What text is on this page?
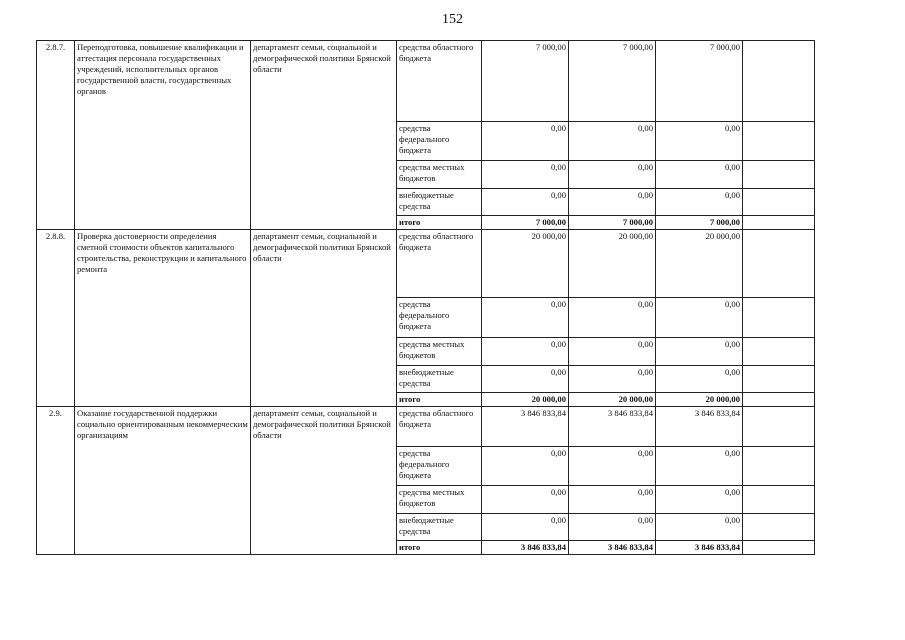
152
2.8.7.	Переподготовка, повышение квалификации и аттестация персонала государственных учреждений, исполнительных органов государственной власти, государственных органов	департамент семьи, социальной и демографической политики Брянской области	средства областного бюджета	7 000,00	7 000,00	7 000,00	
			средства федерального бюджета	0,00	0,00	0,00	
			средства местных бюджетов	0,00	0,00	0,00	
			внебюджетные средства	0,00	0,00	0,00	
			итого	7 000,00	7 000,00	7 000,00	
2.8.8.	Проверка достоверности определения сметной стоимости объектов капитального строительства, реконструкции и капитального ремонта	департамент семьи, социальной и демографической политики Брянской области	средства областного бюджета	20 000,00	20 000,00	20 000,00	
			средства федерального бюджета	0,00	0,00	0,00	
			средства местных бюджетов	0,00	0,00	0,00	
			внебюджетные средства	0,00	0,00	0,00	
			итого	20 000,00	20 000,00	20 000,00	
2.9.	Оказание государственной поддержки социально ориентированным некоммерческим организациям	департамент семьи, социальной и демографической политики Брянской области	средства областного бюджета	3 846 833,84	3 846 833,84	3 846 833,84	
			средства федерального бюджета	0,00	0,00	0,00	
			средства местных бюджетов	0,00	0,00	0,00	
			внебюджетные средства	0,00	0,00	0,00	
			итого	3 846 833,84	3 846 833,84	3 846 833,84	
